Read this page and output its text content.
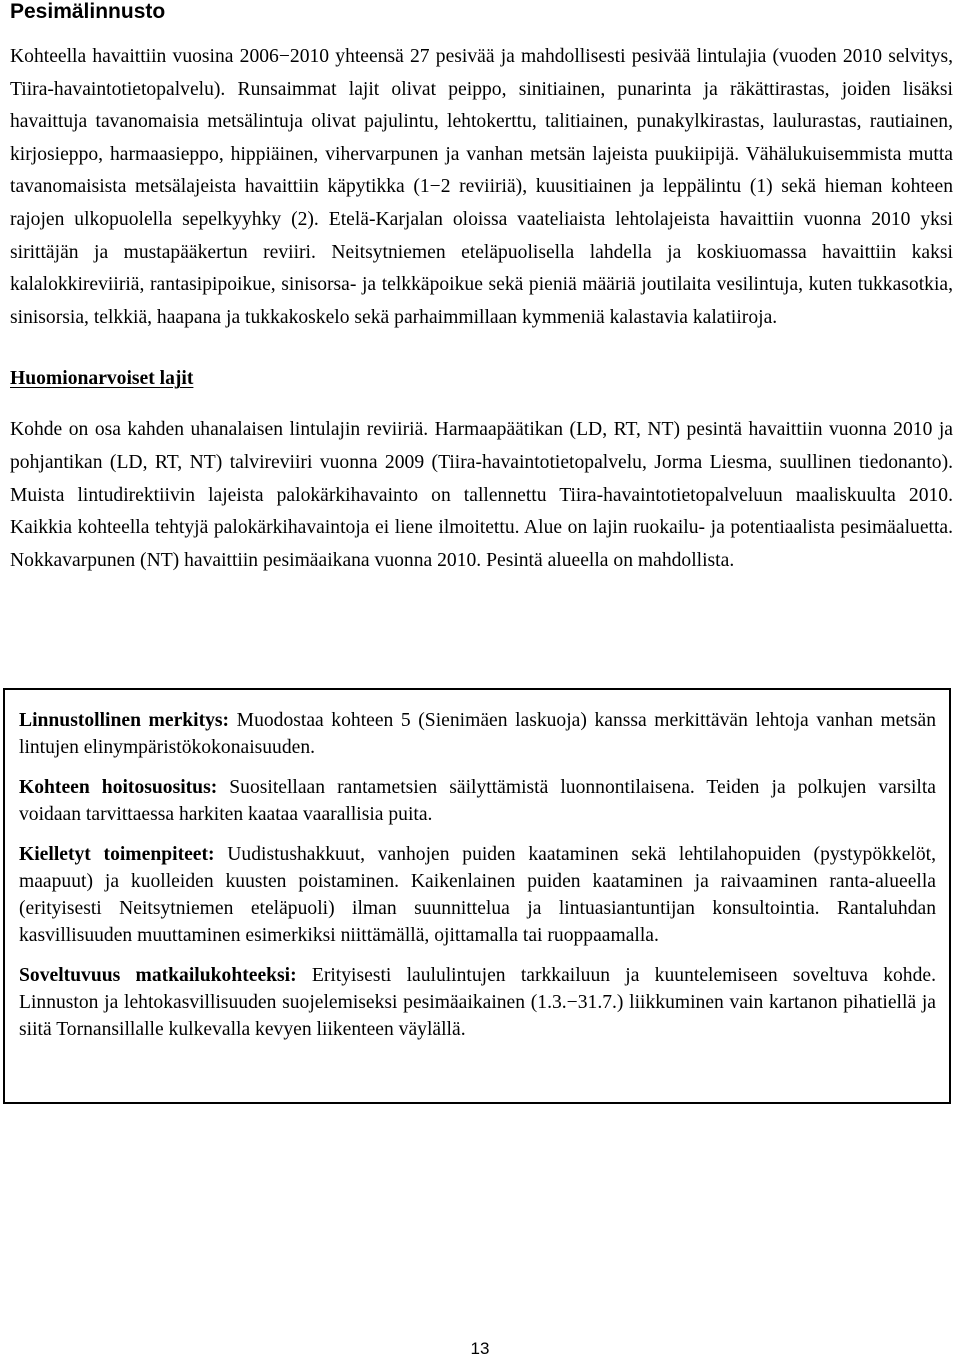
Pesimälinnusto

Kohteella havaittiin vuosina 2006−2010 yhteensä 27 pesivää ja mahdollisesti pesivää lintulajia (vuoden 2010 selvitys, Tiira-havaintotietopalvelu). Runsaimmat lajit olivat peippo, sinitiainen, punarinta ja räkättirastas, joiden lisäksi havaittuja tavanomaisia metsälintuja olivat pajulintu, lehtokerttu, talitiainen, punakylkirastas, laulurastas, rautiainen, kirjosieppo, harmaasieppo, hippiäinen, vihervarpunen ja vanhan metsän lajeista puukiipijä. Vähälukuisemmista mutta tavanomaisista metsälajeista havaittiin käpytikka (1−2 reviiriä), kuusitiainen ja leppälintu (1) sekä hieman kohteen rajojen ulkopuolella sepelkyyhky (2). Etelä-Karjalan oloissa vaateliaista lehtolajeista havaittiin vuonna 2010 yksi sirittäjän ja mustapääkertun reviiri. Neitsytniemen eteläpuolisella lahdella ja koskiuomassa havaittiin kaksi kalalokkireviiriä, rantasipipoikue, sinisorsa- ja telkkäpoikue sekä pieniä määriä joutilaita vesilintuja, kuten tukkasotkia, sinisorsia, telkkiä, haapana ja tukkakoskelo sekä parhaimmillaan kymmeniä kalastavia kalatiiroja.

Huomionarvoiset lajit

Kohde on osa kahden uhanalaisen lintulajin reviiriä. Harmaapäätikan (LD, RT, NT) pesintä havaittiin vuonna 2010 ja pohjantikan (LD, RT, NT) talvireviiri vuonna 2009 (Tiira-havaintotietopalvelu, Jorma Liesma, suullinen tiedonanto). Muista lintudirektiivin lajeista palokärkihavainto on tallennettu Tiira-havaintotietopalveluun maaliskuulta 2010. Kaikkia kohteella tehtyjä palokärkihavaintoja ei liene ilmoitettu. Alue on lajin ruokailu- ja potentiaalista pesimäaluetta. Nokkavarpunen (NT) havaittiin pesimäaikana vuonna 2010. Pesintä alueella on mahdollista.

Linnustollinen merkitys: Muodostaa kohteen 5 (Sienimäen laskuoja) kanssa merkittävän lehtoja vanhan metsän lintujen elinympäristökokonaisuuden.

Kohteen hoitosuositus: Suositellaan rantametsien säilyttämistä luonnontilaisena. Teiden ja polkujen varsilta voidaan tarvittaessa harkiten kaataa vaarallisia puita.

Kielletyt toimenpiteet: Uudistushakkuut, vanhojen puiden kaataminen sekä lehtilahopuiden (pystypökkelöt, maapuut) ja kuolleiden kuusten poistaminen. Kaikenlainen puiden kaataminen ja raivaaminen ranta-alueella (erityisesti Neitsytniemen eteläpuoli) ilman suunnittelua ja lintuasiantuntijan konsultointia. Rantaluhdan kasvillisuuden muuttaminen esimerkiksi niittämällä, ojittamalla tai ruoppaamalla.

Soveltuvuus matkailukohteeksi: Erityisesti laululintujen tarkkailuun ja kuuntelemiseen soveltuva kohde. Linnuston ja lehtokasvillisuuden suojelemiseksi pesimäaikainen (1.3.−31.7.) liikkuminen vain kartanon pihatiellä ja siitä Tornansillalle kulkevalla kevyen liikenteen väylällä.

13
